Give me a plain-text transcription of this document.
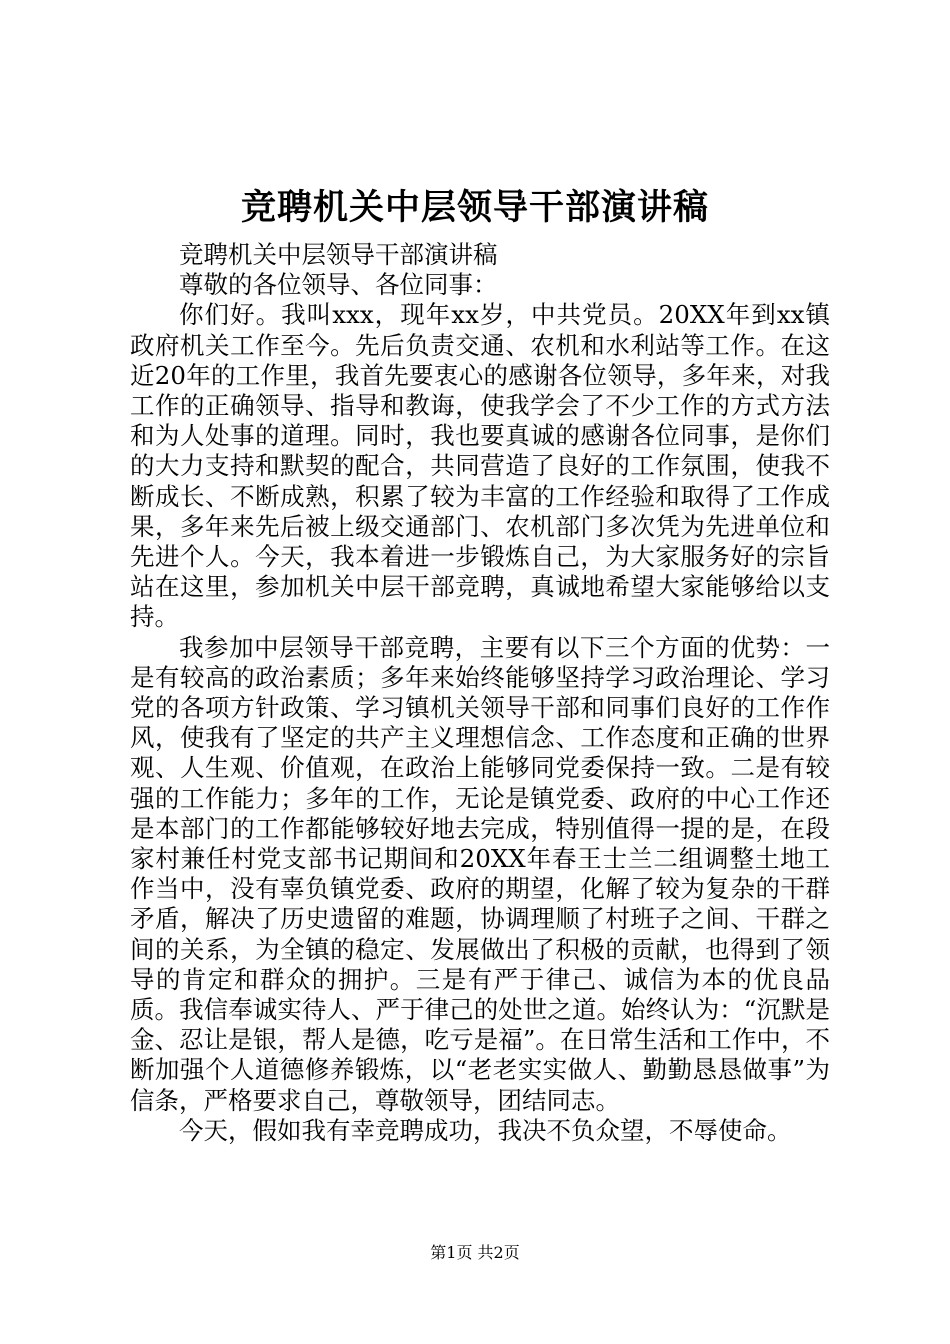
竞聘机关中层领导干部演讲稿

竞聘机关中层领导干部演讲稿

尊敬的各位领导、各位同事：

你们好。我叫xxx，现年xx岁，中共党员。20XX年到xx镇政府机关工作至今。先后负责交通、农机和水利站等工作。在这近20年的工作里，我首先要衷心的感谢各位领导，多年来，对我工作的正确领导、指导和教诲，使我学会了不少工作的方式方法和为人处事的道理。同时，我也要真诚的感谢各位同事，是你们的大力支持和默契的配合，共同营造了良好的工作氛围，使我不断成长、不断成熟，积累了较为丰富的工作经验和取得了工作成果，多年来先后被上级交通部门、农机部门多次凭为先进单位和先进个人。今天，我本着进一步锻炼自己，为大家服务好的宗旨站在这里，参加机关中层干部竞聘，真诚地希望大家能够给以支持。

我参加中层领导干部竞聘，主要有以下三个方面的优势：一是有较高的政治素质；多年来始终能够坚持学习政治理论、学习党的各项方针政策、学习镇机关领导干部和同事们良好的工作作风，使我有了坚定的共产主义理想信念、工作态度和正确的世界观、人生观、价值观，在政治上能够同党委保持一致。二是有较强的工作能力；多年的工作，无论是镇党委、政府的中心工作还是本部门的工作都能够较好地去完成，特别值得一提的是，在段家村兼任村党支部书记期间和20XX年春王士兰二组调整土地工作当中，没有辜负镇党委、政府的期望，化解了较为复杂的干群矛盾，解决了历史遗留的难题，协调理顺了村班子之间、干群之间的关系，为全镇的稳定、发展做出了积极的贡献，也得到了领导的肯定和群众的拥护。三是有严于律己、诚信为本的优良品质。我信奉诚实待人、严于律己的处世之道。始终认为：“沉默是金、忍让是银，帮人是德，吃亏是福”。在日常生活和工作中，不断加强个人道德修养锻炼，以“老老实实做人、勤勤恳恳做事”为信条，严格要求自己，尊敬领导，团结同志。

今天，假如我有幸竞聘成功，我决不负众望，不辱使命。

第1页 共2页
